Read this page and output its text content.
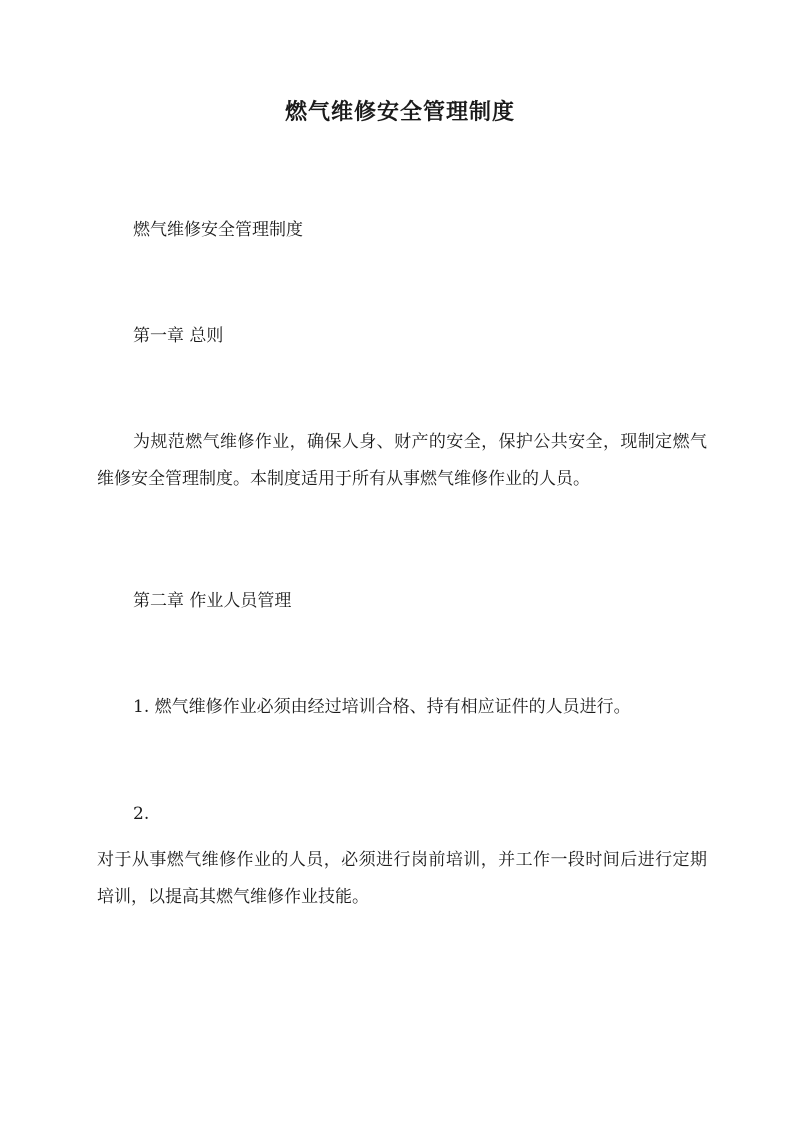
燃气维修安全管理制度

燃气维修安全管理制度

第一章 总则

为规范燃气维修作业，确保人身、财产的安全，保护公共安全，现制定燃气维修安全管理制度。本制度适用于所有从事燃气维修作业的人员。

第二章 作业人员管理

1. 燃气维修作业必须由经过培训合格、持有相应证件的人员进行。

2.

对于从事燃气维修作业的人员，必须进行岗前培训，并工作一段时间后进行定期培训，以提高其燃气维修作业技能。
